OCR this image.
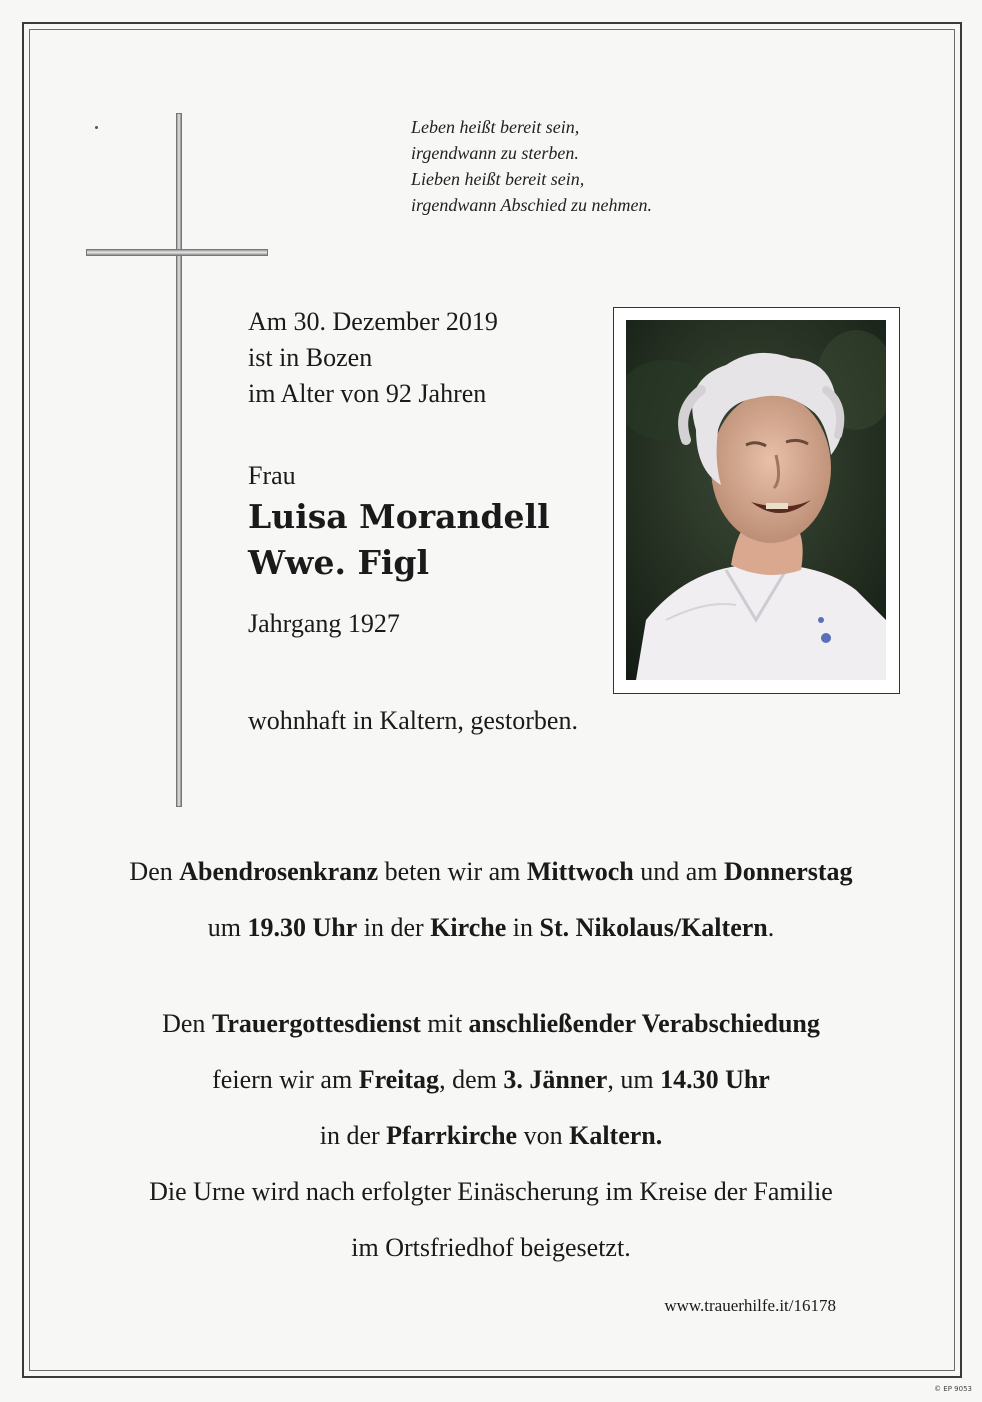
Leben heißt bereit sein,
irgendwann zu sterben.
Lieben heißt bereit sein,
irgendwann Abschied zu nehmen.
Am 30. Dezember 2019
ist in Bozen
im Alter von 92 Jahren
Frau
Luisa Morandell
Wwe. Figl
Jahrgang 1927
wohnhaft in Kaltern, gestorben.
Den Abendrosenkranz beten wir am Mittwoch und am Donnerstag
um 19.30 Uhr in der Kirche in St. Nikolaus/Kaltern.
Den Trauergottesdienst mit anschließender Verabschiedung
feiern wir am Freitag, dem 3. Jänner, um 14.30 Uhr
in der Pfarrkirche von Kaltern.
Die Urne wird nach erfolgter Einäscherung im Kreise der Familie
im Ortsfriedhof beigesetzt.
www.trauerhilfe.it/16178
© EP 9053
